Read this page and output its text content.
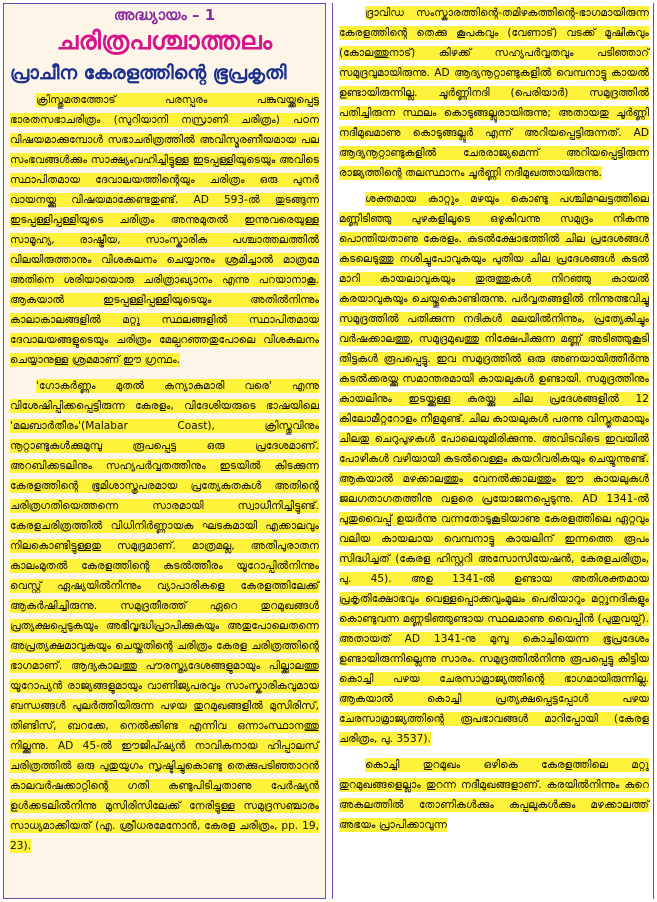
അദ്ധ്യായം – 1
ചരിത്രപശ്ചാത്തലം
പ്രാചീന കേരളത്തിന്റെ ഭൂപ്രകൃതി

ക്രിസ്തുമതത്തോട് പരസ്പരം പങ്കുവയ്ക്കപ്പെട്ട ഭാരതസഭാചരിത്രം (സുറിയാനി നസ്രാണി ചരിത്രം) പഠന വിഷയമാക്കുമ്പോൾ സഭാചരിത്രത്തിൽ അവിസ്മരണീയമായ പല സംഭവങ്ങൾക്കും സാക്ഷ്യംവഹിച്ചിട്ടുള്ള ഇടപ്പള്ളിയുടെയും അവിടെ സ്ഥാപിതമായ ദേവാലയത്തിന്റെയും ചരിത്രം ഒരു പുനർ വായനയ്ക്കു വിഷയമാക്കേണ്ടതുണ്ട്. AD 593-ൽ തുടങ്ങുന്ന ഇടപ്പള്ളിപ്പള്ളിയുടെ ചരിത്രം അന്നുമുതൽ ഇന്നുവരെയുള്ള സാമൂഹ്യ, രാഷ്ട്രീയ, സാംസ്കാരിക പശ്ചാത്തലത്തിൽ വിലയിരുത്താനും വിശകലനം ചെയ്യാനും ശ്രമിച്ചാൽ മാത്രമേ അതിനെ ശരിയായൊരു ചരിത്രാഖ്യാനം എന്നു പറയാനാകൂ. ആകയാൽ ഇടപ്പള്ളിപ്പള്ളിയുടെയും അതിൽനിന്നും കാലാകാലങ്ങളിൽ മറ്റു സ്ഥലങ്ങളിൽ സ്ഥാപിതമായ ദേവാലയങ്ങളുടെയും ചരിത്രം മേല്പറഞ്ഞതുപോലെ വിശകലനം ചെയ്യാനുള്ള ശ്രമമാണ് ഈ ഗ്രന്ഥം.

'ഗോകർണ്ണം മുതൽ കന്യാകുമാരി വരെ' എന്നു വിശേഷിപ്പിക്കപ്പെട്ടിരുന്ന കേരളം, വിദേശിയരുടെ ഭാഷയിലെ 'മലബാർതീരം'(Malabar Coast), ക്രിസ്തുവിനും നൂറ്റാണ്ടുകൾക്കുമുമ്പു രൂപപ്പെട്ട ഒരു പ്രദേശമാണ്. അറബിക്കടലിനും സഹ്യപർവ്വതത്തിനും ഇടയിൽ കിടക്കുന്ന കേരളത്തിന്റെ ഭൂമിശാസ്ത്രപരമായ പ്രത്യേകതകൾ അതിന്റെ ചരിത്രഗതിയെത്തന്നെ സാരമായി സ്വാധീനിച്ചിട്ടുണ്ട്. കേരളചരിത്രത്തിൽ വിധിനിർണ്ണായക ഘടകമായി എക്കാലവും നിലകൊണ്ടിട്ടുള്ളതു സമുദ്രമാണ്. മാത്രമല്ല, അതിപുരാതന കാലംമുതൽ കേരളത്തിന്റെ കടൽത്തീരം യൂറോപ്പിൽനിന്നും വെസ്റ്റ് ഏഷ്യയിൽനിന്നും വ്യാപാരികളെ കേരളത്തിലേക്ക് ആകർഷിച്ചിരുന്നു. സമുദ്രതീരത്ത് ഏറെ തുറമുഖങ്ങൾ പ്രത്യക്ഷപ്പെടുകയും അഭിവൃദ്ധിപ്രാപിക്കുകയും അതുപോലെതന്നെ അപ്രത്യക്ഷമാവുകയും ചെയ്തതിന്റെ ചരിത്രം കേരള ചരിത്രത്തിന്റെ ഭാഗമാണ്. ആദ്യകാലത്തു പൗരസ്ത്യദേശങ്ങളുമായും പില്ക്കാലത്തു യൂറോപ്യൻ രാജ്യങ്ങളുമായും വാണിജ്യപരവും സാംസ്കാരികവുമായ ബന്ധങ്ങൾ പുലർത്തിയിരുന്ന പഴയ തുറമുഖങ്ങളിൽ മുസിരിസ്, തിണ്ടിസ്, ബറക്കേ, നെൽക്കിണ്ട എന്നിവ ഒന്നാംസ്ഥാനത്തു നില്ക്കുന്നു. AD 45-ൽ ഈജിപ്ഷ്യൻ നാവികനായ ഹിപ്പാലസ് ചരിത്രത്തിൽ ഒരു പുതുയുഗം സൃഷ്ടിച്ചുകൊണ്ടു തെക്കുപടിഞ്ഞാറൻ കാലവർഷക്കാറ്റിന്റെ ഗതി കണ്ടുപിടിച്ചതാണു പേർഷ്യൻ ഉൾക്കടലിൽനിന്നു മുസിരിസിലേക്ക് നേരിട്ടുള്ള സമുദ്രസഞ്ചാരം സാധ്യമാക്കിയത് (എ. ശ്രീധരമേനോൻ, കേരള ചരിത്രം, pp. 19, 23).

ദ്രാവിഡ സംസ്കാരത്തിന്റെ-തമിഴകത്തിന്റെ-ഭാഗമായിരുന്ന കേരളത്തിന്റെ തെക്കു കൂപകവും (വേണാട്) വടക്ക് മൂഷികവും (കോലത്തുനാട്) കിഴക്ക് സഹ്യപർവ്വതവും പടിഞ്ഞാറ് സമുദ്രവുമായിരുന്നു. AD ആദ്യനൂറ്റാണ്ടുകളിൽ വെമ്പനാട്ടു കായൽ ഉണ്ടായിരുന്നില്ല. ചൂർണ്ണിനദി (പെരിയാർ) സമുദ്രത്തിൽ പതിച്ചിരുന്ന സ്ഥലം കൊടുങ്ങല്ലൂരായിരുന്നു; അതായതു ചൂർണ്ണി നദീമുഖമാണു കൊടുങ്ങല്ലൂർ എന്ന് അറിയപ്പെട്ടിരുന്നത്. AD ആദ്യനൂറ്റാണ്ടുകളിൽ ചേരരാജ്യമെന്ന് അറിയപ്പെട്ടിരുന്ന രാജ്യത്തിന്റെ തലസ്ഥാനം ചൂർണ്ണി നദീമുഖത്തായിരുന്നു.

ശക്തമായ കാറ്റും മഴയും കൊണ്ടു പശ്ചിമഘട്ടത്തിലെ മണ്ണിടിഞ്ഞു പുഴകളിലൂടെ ഒഴുകിവന്നു സമുദ്രം നികന്നു പൊന്തിയതാണു കേരളം. കടൽക്ഷോഭത്തിൽ ചില പ്രദേശങ്ങൾ കടലെടുത്തു നശിച്ചുപോവുകയും പുതിയ ചില പ്രദേശങ്ങൾ കടൽ മാറി കായലാവുകയും തുരുത്തുകൾ നിറഞ്ഞു കായൽ കരയാവുകയും ചെയ്തുകൊണ്ടിരുന്നു. പർവ്വതങ്ങളിൽ നിന്നുത്ഭവിച്ചു സമുദ്രത്തിൽ പതിക്കുന്ന നദികൾ മലയിൽനിന്നും, പ്രത്യേകിച്ചും വർഷക്കാലത്തു, സമുദ്രമുഖത്തു നിക്ഷേപിക്കുന്ന മണ്ണ് അടിഞ്ഞുകൂടി തിട്ടകൾ രൂപപ്പെട്ടു. ഇവ സമുദ്രത്തിൽ ഒരു അണയായിത്തീർന്നു കടൽക്കരയ്ക്കു സമാന്തരമായി കായലുകൾ ഉണ്ടായി. സമുദ്രത്തിനും കായലിനും ഇടയ്ക്കുള്ള കരയ്ക്കു ചില പ്രദേശങ്ങളിൽ 12 കിലോമീറ്ററോളം നീളമുണ്ട്. ചില കായലുകൾ പരന്നു വിസ്തൃതമായും ചിലതു ചെറുപുഴകൾ പോലെയുമിരിക്കുന്നു. അവിടവിടെ ഇവയിൽ പോഴികൾ വഴിയായി കടൽവെള്ളം കയറിവരികയും ചെയ്യുന്നുണ്ട്. ആകയാൽ മഴക്കാലത്തും വേനൽക്കാലത്തും ഈ കായലുകൾ ജലഗതാഗതത്തിനു വളരെ പ്രയോജനപ്പെടുന്നു. AD 1341-ൽ പുതുവൈപ്പ് ഉയർന്നു വന്നതോടുകൂടിയാണു കേരളത്തിലെ ഏറ്റവും വലിയ കായലായ വെമ്പനാട്ടു കായലിന് ഇന്നത്തെ രൂപം സിദ്ധിച്ചത് (കേരള ഹിസ്റ്ററി അസോസിയേഷൻ, കേരളചരിത്രം, പു. 45). അഉ 1341-ൽ ഉണ്ടായ അതിശക്തമായ പ്രകൃതിക്ഷോഭവും വെള്ളപ്പൊക്കവുംമൂലം പെരിയാറും മറ്റുനദികളും കൊണ്ടുവന്ന മണ്ണടിഞ്ഞുണ്ടായ സ്ഥലമാണു വൈപ്പിൻ (പുതുവയ്പ്). അതായത് AD 1341-നു മുമ്പു കൊച്ചിയെന്ന ഭൂപ്രദേശം ഉണ്ടായിരുന്നില്ലെന്നു സാരം. സമുദ്രത്തിൽനിന്നു രൂപപ്പെട്ടു കിട്ടിയ കൊച്ചി പഴയ ചേരസാമ്രാജ്യത്തിന്റെ ഭാഗമായിരുന്നില്ല. ആകയാൽ കൊച്ചി പ്രത്യക്ഷപ്പെട്ടപ്പോൾ പഴയ ചേരസാമ്രാജ്യത്തിന്റെ രൂപഭാവങ്ങൾ മാറിപ്പോയി (കേരള ചരിത്രം, പു. 3537).

കൊച്ചി തുറമുഖം ഒഴികെ കേരളത്തിലെ മറ്റു തുറമുഖങ്ങളെല്ലാം തുറന്ന നദീമുഖങ്ങളാണ്. കരയിൽനിന്നും കുറെ അകലത്തിൽ തോണികൾക്കും കപ്പലുകൾക്കും മഴക്കാലത്ത് അഭയം പ്രാപിക്കാവുന്ന
